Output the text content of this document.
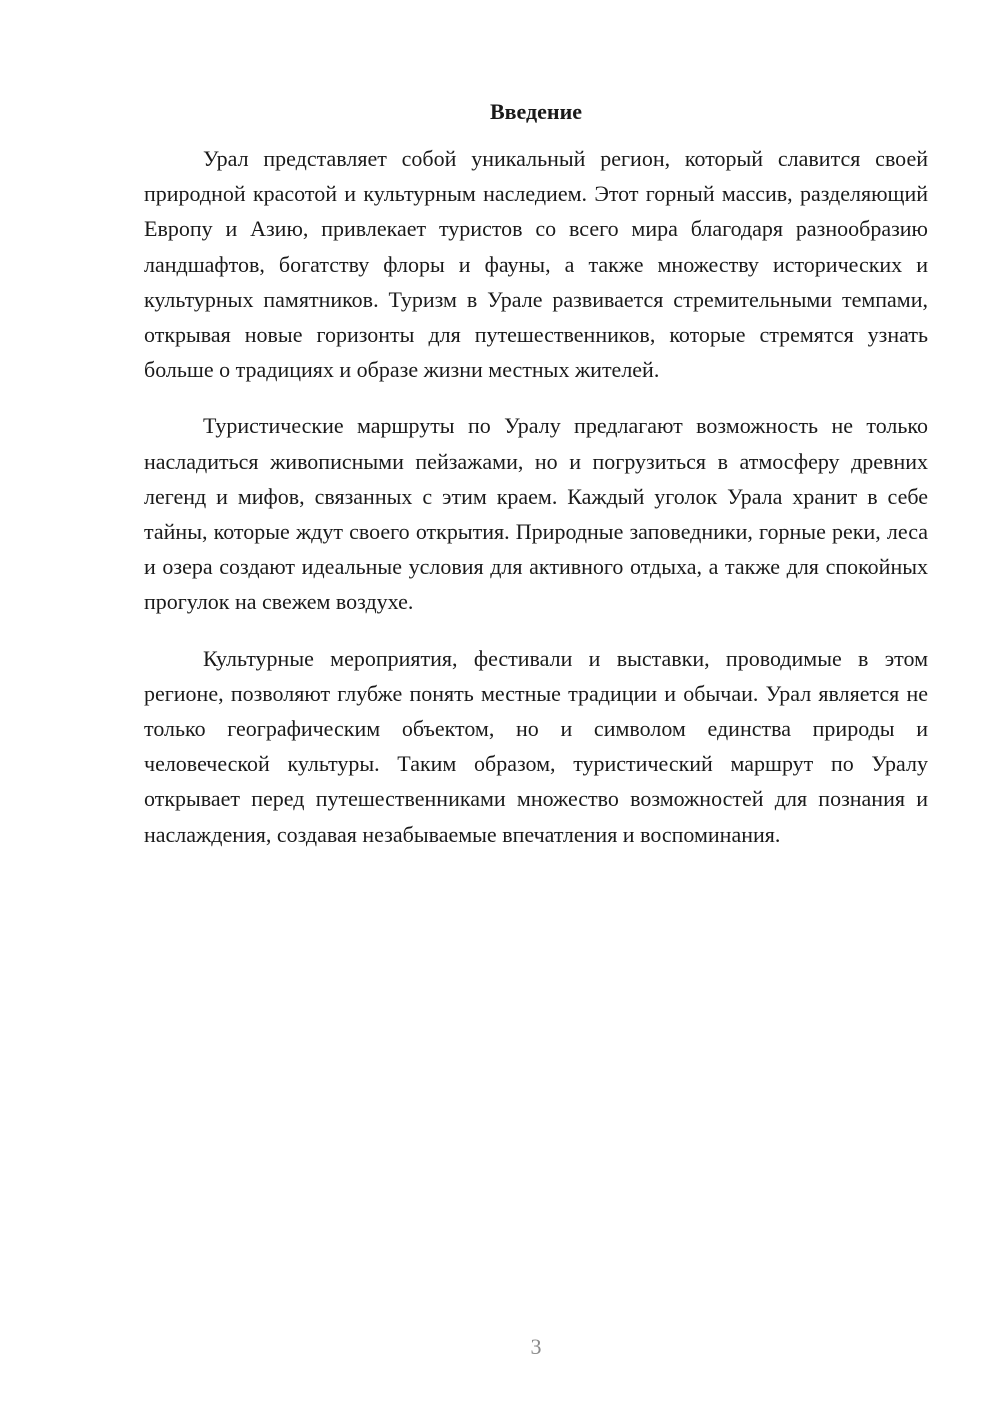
Введение

Урал представляет собой уникальный регион, который славится своей природной красотой и культурным наследием. Этот горный массив, разделяющий Европу и Азию, привлекает туристов со всего мира благодаря разнообразию ландшафтов, богатству флоры и фауны, а также множеству исторических и культурных памятников. Туризм в Урале развивается стремительными темпами, открывая новые горизонты для путешественников, которые стремятся узнать больше о традициях и образе жизни местных жителей.

Туристические маршруты по Уралу предлагают возможность не только насладиться живописными пейзажами, но и погрузиться в атмосферу древних легенд и мифов, связанных с этим краем. Каждый уголок Урала хранит в себе тайны, которые ждут своего открытия. Природные заповедники, горные реки, леса и озера создают идеальные условия для активного отдыха, а также для спокойных прогулок на свежем воздухе.

Культурные мероприятия, фестивали и выставки, проводимые в этом регионе, позволяют глубже понять местные традиции и обычаи. Урал является не только географическим объектом, но и символом единства природы и человеческой культуры. Таким образом, туристический маршрут по Уралу открывает перед путешественниками множество возможностей для познания и наслаждения, создавая незабываемые впечатления и воспоминания.

3
